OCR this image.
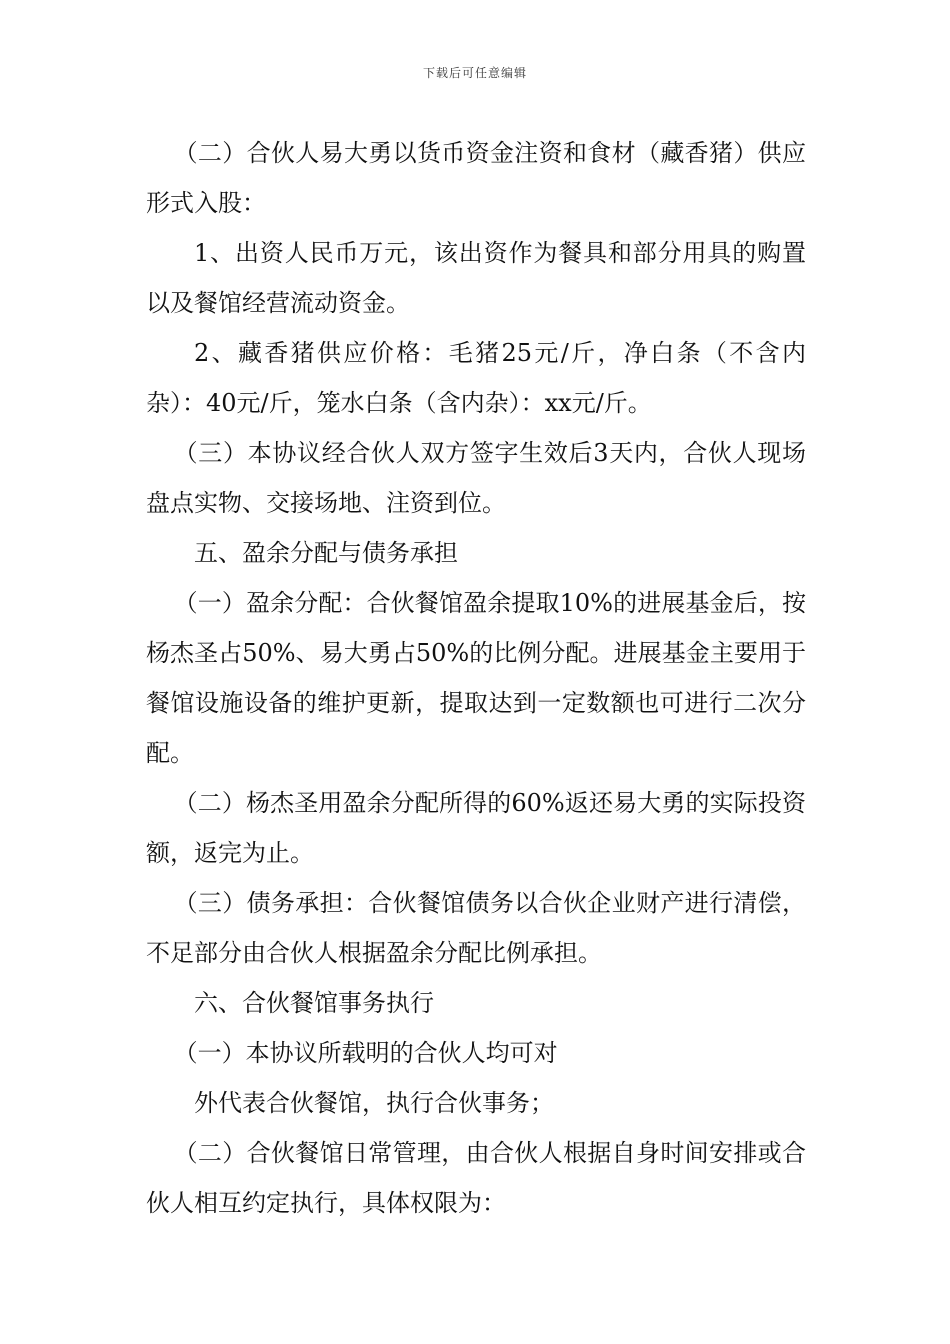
下载后可任意编辑

（二）合伙人易大勇以货币资金注资和食材（藏香猪）供应形式入股：

1、出资人民币万元，该出资作为餐具和部分用具的购置以及餐馆经营流动资金。

2、藏香猪供应价格：毛猪25元/斤，净白条（不含内杂）：40元/斤，笼水白条（含内杂）：xx元/斤。

（三）本协议经合伙人双方签字生效后3天内，合伙人现场盘点实物、交接场地、注资到位。

五、盈余分配与债务承担

（一）盈余分配：合伙餐馆盈余提取10%的进展基金后，按杨杰圣占50%、易大勇占50%的比例分配。进展基金主要用于餐馆设施设备的维护更新，提取达到一定数额也可进行二次分配。

（二）杨杰圣用盈余分配所得的60%返还易大勇的实际投资额，返完为止。

（三）债务承担：合伙餐馆债务以合伙企业财产进行清偿，不足部分由合伙人根据盈余分配比例承担。

六、合伙餐馆事务执行

（一）本协议所载明的合伙人均可对

外代表合伙餐馆，执行合伙事务；

（二）合伙餐馆日常管理，由合伙人根据自身时间安排或合伙人相互约定执行，具体权限为：
